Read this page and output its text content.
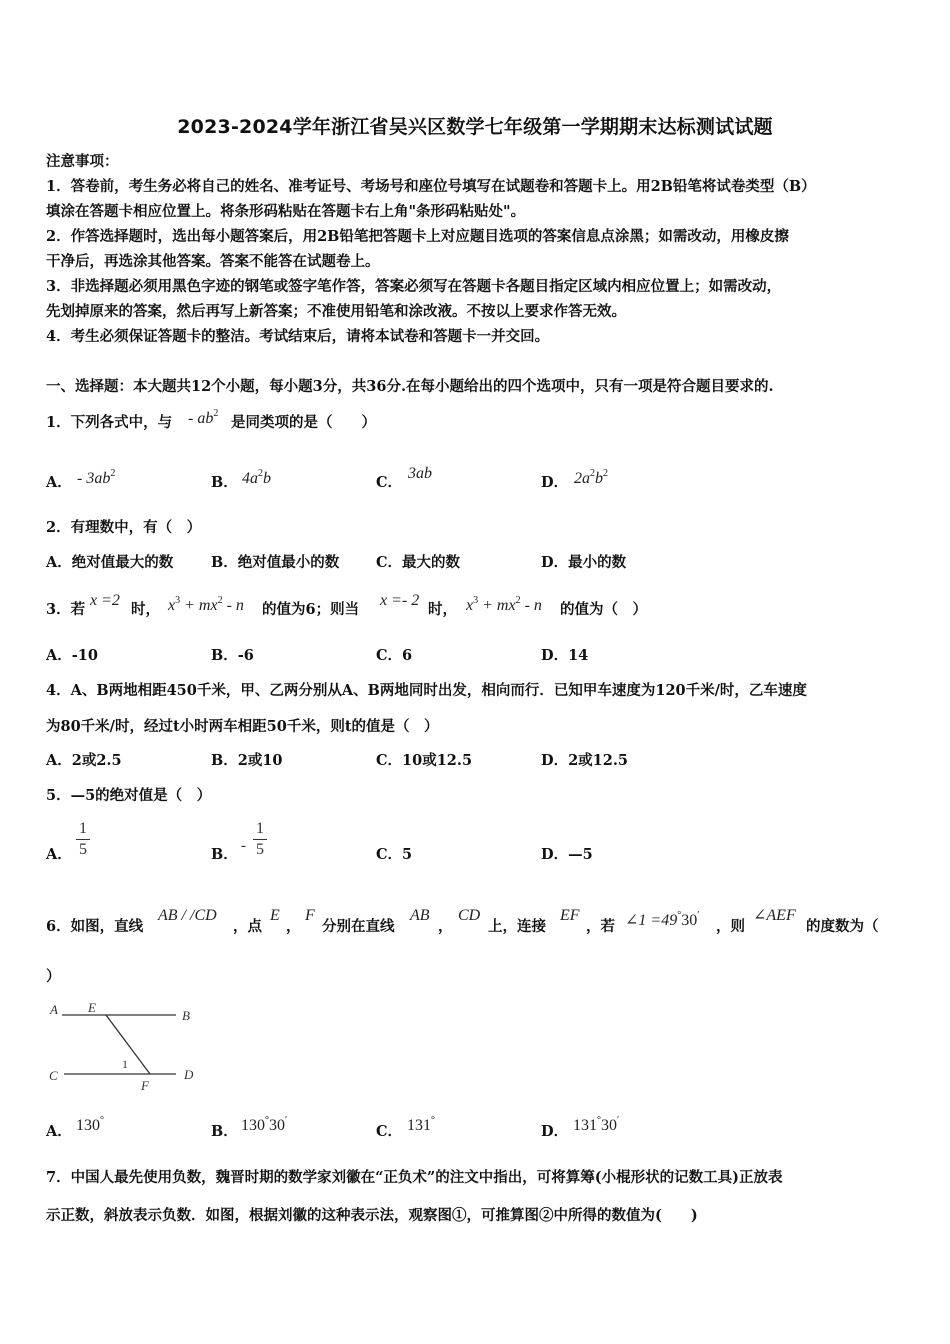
2023-2024学年浙江省吴兴区数学七年级第一学期期末达标测试试题
注意事项：
1．答卷前，考生务必将自己的姓名、准考证号、考场号和座位号填写在试题卷和答题卡上。用2B铅笔将试卷类型（B）
填涂在答题卡相应位置上。将条形码粘贴在答题卡右上角"条形码粘贴处"。
2．作答选择题时，选出每小题答案后，用2B铅笔把答题卡上对应题目选项的答案信息点涂黑；如需改动，用橡皮擦
干净后，再选涂其他答案。答案不能答在试题卷上。
3．非选择题必须用黑色字迹的钢笔或签字笔作答，答案必须写在答题卡各题目指定区域内相应位置上；如需改动，
先划掉原来的答案，然后再写上新答案；不准使用铅笔和涂改液。不按以上要求作答无效。
4．考生必须保证答题卡的整洁。考试结束后，请将本试卷和答题卡一并交回。
一、选择题：本大题共12个小题，每小题3分，共36分.在每小题给出的四个选项中，只有一项是符合题目要求的.
1．下列各式中，与 - $ab^2$
是同类项的是（　　）
A． - $3ab^2$
B． $4a^2b$	C．
3ab
D． $2a^2b^2$
2．有理数中，有（　）
A．绝对值最大的数	B．绝对值最小的数	C．最大的数	D．最小的数
3．若
x =2
时， $x^3 + mx^2 - n$ 的值为6；则当
x =- 2
时， $x^3 + mx^2 - n$ 的值为（　）
A．-10	B．-6	C．6	D．14
4．A、B两地相距450千米，甲、乙两分别从A、B两地同时出发，相向而行．已知甲车速度为120千米/时，乙车速度
为80千米/时，经过t小时两车相距50千米，则t的值是（　）
A．2或2.5	B．2或10	C．10或12.5	D．2或12.5
5．—5的绝对值是（　）
A．
1
5	B． -
1
5	C．5	D．—5
6．如图，直线
AB / /CD
，点
E
，
F
分别在直线
AB
，
CD
上，连接
EF
，若 ∠1 =49°30′
，则
∠AEF
的度数为（
）
A E
B
C
F
D
1
A． 130°
B． 130°30′
C． 131°
D． 131°30′
7．中国人最先使用负数，魏晋时期的数学家刘徽在“正负术”的注文中指出，可将算筹(小棍形状的记数工具)正放表
示正数，斜放表示负数．如图，根据刘徽的这种表示法，观察图①，可推算图②中所得的数值为(　　)
